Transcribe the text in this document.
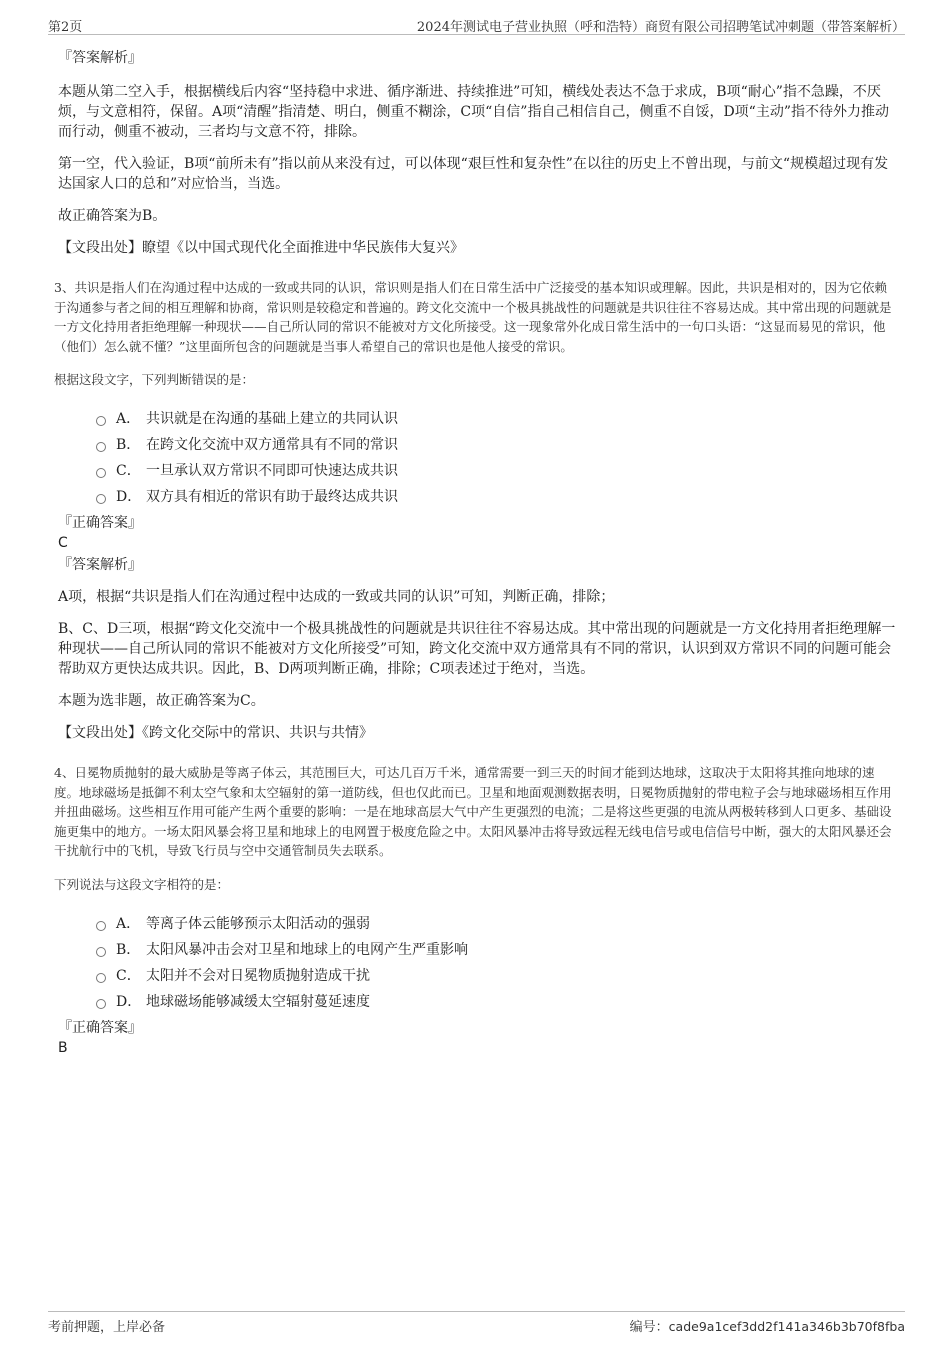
第2页	2024年测试电子营业执照（呼和浩特）商贸有限公司招聘笔试冲刺题（带答案解析）
『答案解析』

本题从第二空入手，根据横线后内容“坚持稳中求进、循序渐进、持续推进”可知，横线处表达不急于求成，B项“耐心”指不急躁，不厌烦，与文意相符，保留。A项“清醒”指清楚、明白，侧重不糊涂，C项“自信”指自己相信自己，侧重不自馁，D项“主动”指不待外力推动而行动，侧重不被动，三者均与文意不符，排除。

第一空，代入验证，B项“前所未有”指以前从来没有过，可以体现“艰巨性和复杂性”在以往的历史上不曾出现，与前文“规模超过现有发达国家人口的总和”对应恰当，当选。

故正确答案为B。

【文段出处】瞭望《以中国式现代化全面推进中华民族伟大复兴》

3、共识是指人们在沟通过程中达成的一致或共同的认识，常识则是指人们在日常生活中广泛接受的基本知识或理解。因此，共识是相对的，因为它依赖于沟通参与者之间的相互理解和协商，常识则是较稳定和普遍的。跨文化交流中一个极具挑战性的问题就是共识往往不容易达成。其中常出现的问题就是一方文化持用者拒绝理解一种现状——自己所认同的常识不能被对方文化所接受。这一现象常外化成日常生活中的一句口头语：“这显而易见的常识，他（他们）怎么就不懂？”这里面所包含的问题就是当事人希望自己的常识也是他人接受的常识。

根据这段文字，下列判断错误的是：

A． 共识就是在沟通的基础上建立的共同认识
B． 在跨文化交流中双方通常具有不同的常识
C． 一旦承认双方常识不同即可快速达成共识
D． 双方具有相近的常识有助于最终达成共识
『正确答案』
C
『答案解析』

A项，根据“共识是指人们在沟通过程中达成的一致或共同的认识”可知，判断正确，排除；

B、C、D三项，根据“跨文化交流中一个极具挑战性的问题就是共识往往不容易达成。其中常出现的问题就是一方文化持用者拒绝理解一种现状——自己所认同的常识不能被对方文化所接受”可知，跨文化交流中双方通常具有不同的常识，认识到双方常识不同的问题可能会帮助双方更快达成共识。因此，B、D两项判断正确，排除；C项表述过于绝对，当选。

本题为选非题，故正确答案为C。

【文段出处】《跨文化交际中的常识、共识与共情》

4、日冕物质抛射的最大威胁是等离子体云，其范围巨大，可达几百万千米，通常需要一到三天的时间才能到达地球，这取决于太阳将其推向地球的速度。地球磁场是抵御不利太空气象和太空辐射的第一道防线，但也仅此而已。卫星和地面观测数据表明，日冕物质抛射的带电粒子会与地球磁场相互作用并扭曲磁场。这些相互作用可能产生两个重要的影响：一是在地球高层大气中产生更强烈的电流；二是将这些更强的电流从两极转移到人口更多、基础设施更集中的地方。一场太阳风暴会将卫星和地球上的电网置于极度危险之中。太阳风暴冲击将导致远程无线电信号或电信信号中断，强大的太阳风暴还会干扰航行中的飞机，导致飞行员与空中交通管制员失去联系。

下列说法与这段文字相符的是：

A． 等离子体云能够预示太阳活动的强弱
B． 太阳风暴冲击会对卫星和地球上的电网产生严重影响
C． 太阳并不会对日冕物质抛射造成干扰
D． 地球磁场能够减缓太空辐射蔓延速度
『正确答案』
B
考前押题，上岸必备	编号：cade9a1cef3dd2f141a346b3b70f8fba
